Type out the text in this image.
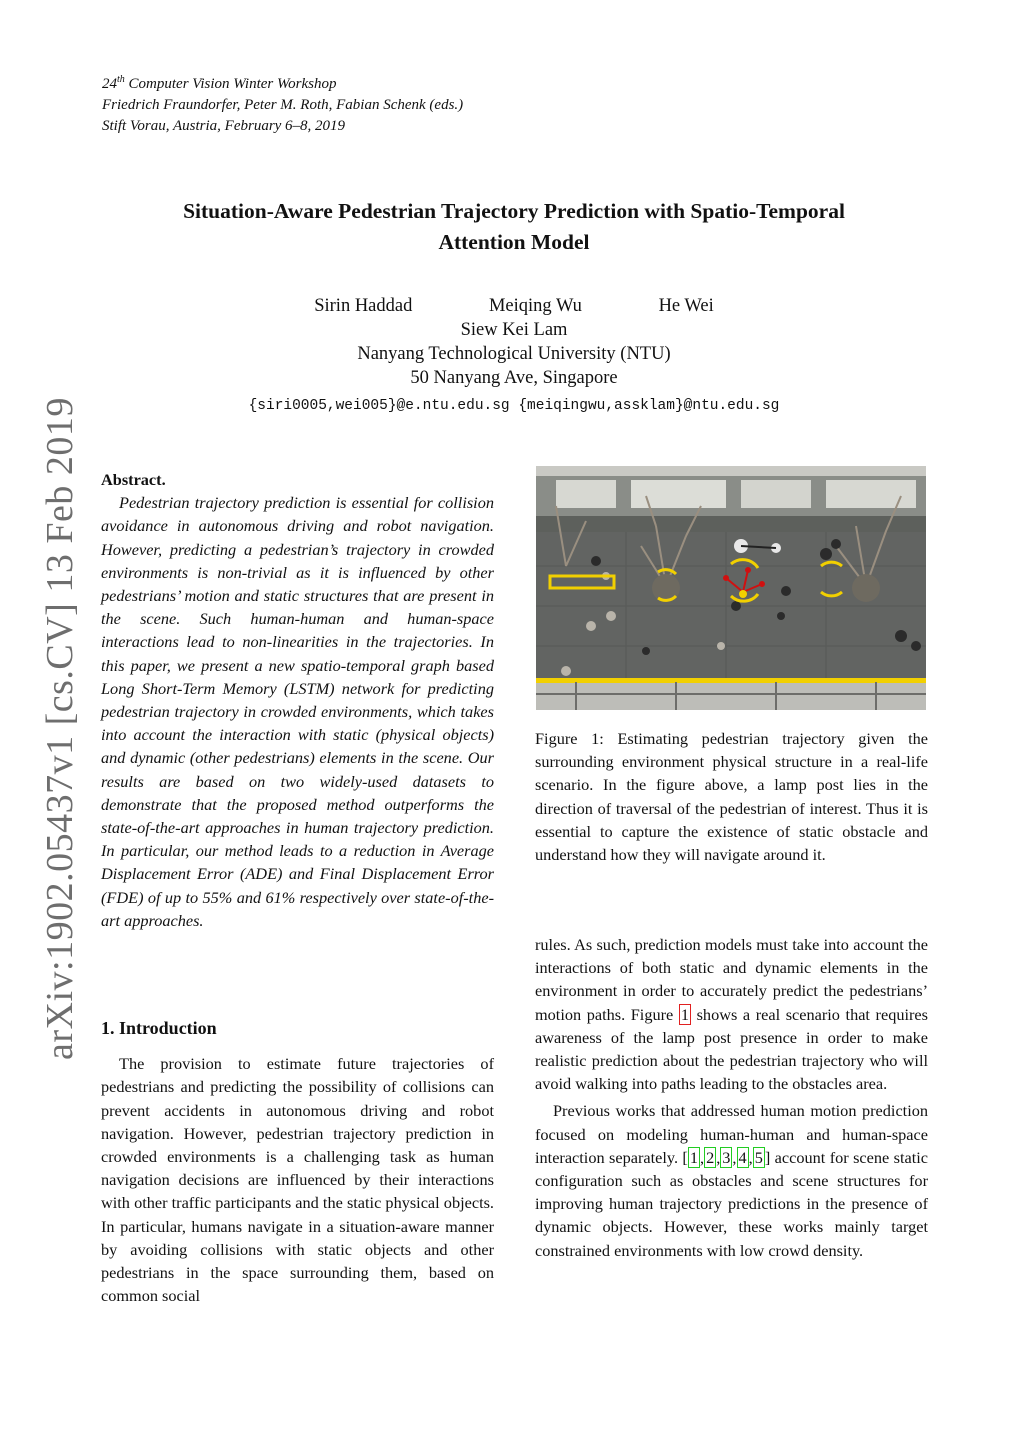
24th Computer Vision Winter Workshop
Friedrich Fraundorfer, Peter M. Roth, Fabian Schenk (eds.)
Stift Vorau, Austria, February 6–8, 2019
Situation-Aware Pedestrian Trajectory Prediction with Spatio-Temporal
Attention Model
Sirin Haddad	Meiqing Wu	He Wei
Siew Kei Lam
Nanyang Technological University (NTU)
50 Nanyang Ave, Singapore
{siri0005,wei005}@e.ntu.edu.sg {meiqingwu,assklam}@ntu.edu.sg
arXiv:1902.05437v1 [cs.CV] 13 Feb 2019 Abstract.

Pedestrian trajectory prediction is essential for collision avoidance in autonomous driving and robot navigation. However, predicting a pedestrian’s trajectory in crowded environments is non-trivial as it is influenced by other pedestrians’ motion and static structures that are present in the scene. Such human-human and human-space interactions lead to non-linearities in the trajectories. In this paper, we present a new spatio-temporal graph based Long Short-Term Memory (LSTM) network for predicting pedestrian trajectory in crowded environments, which takes into account the interaction with static (physical objects) and dynamic (other pedestrians) elements in the scene. Our results are based on two widely-used datasets to demonstrate that the proposed method outperforms the state-of-the-art approaches in human trajectory prediction. In particular, our method leads to a reduction in Average Displacement Error (ADE) and Final Displacement Error (FDE) of up to 55% and 61% respectively over state-of-the-art approaches.

1. Introduction

The provision to estimate future trajectories of pedestrians and predicting the possibility of collisions can prevent accidents in autonomous driving and robot navigation. However, pedestrian trajectory prediction in crowded environments is a challenging task as human navigation decisions are influenced by their interactions with other traffic participants and the static physical objects. In particular, humans navigate in a situation-aware manner by avoiding collisions with static objects and other pedestrians in the space surrounding them, based on common social

Figure 1: Estimating pedestrian trajectory given the surrounding environment physical structure in a real-life scenario. In the figure above, a lamp post lies in the direction of traversal of the pedestrian of interest. Thus it is essential to capture the existence of static obstacle and understand how they will navigate around it.

rules. As such, prediction models must take into account the interactions of both static and dynamic elements in the environment in order to accurately predict the pedestrians’ motion paths. Figure 1 shows a real scenario that requires awareness of the lamp post presence in order to make realistic prediction about the pedestrian trajectory who will avoid walking into paths leading to the obstacles area.

Previous works that addressed human motion prediction focused on modeling human-human and human-space interaction separately. [ 1 , 2 , 3 , 4 , 5 ] account for scene static configuration such as obstacles and scene structures for improving human trajectory predictions in the presence of dynamic objects. However, these works mainly target constrained environments with low crowd density.
